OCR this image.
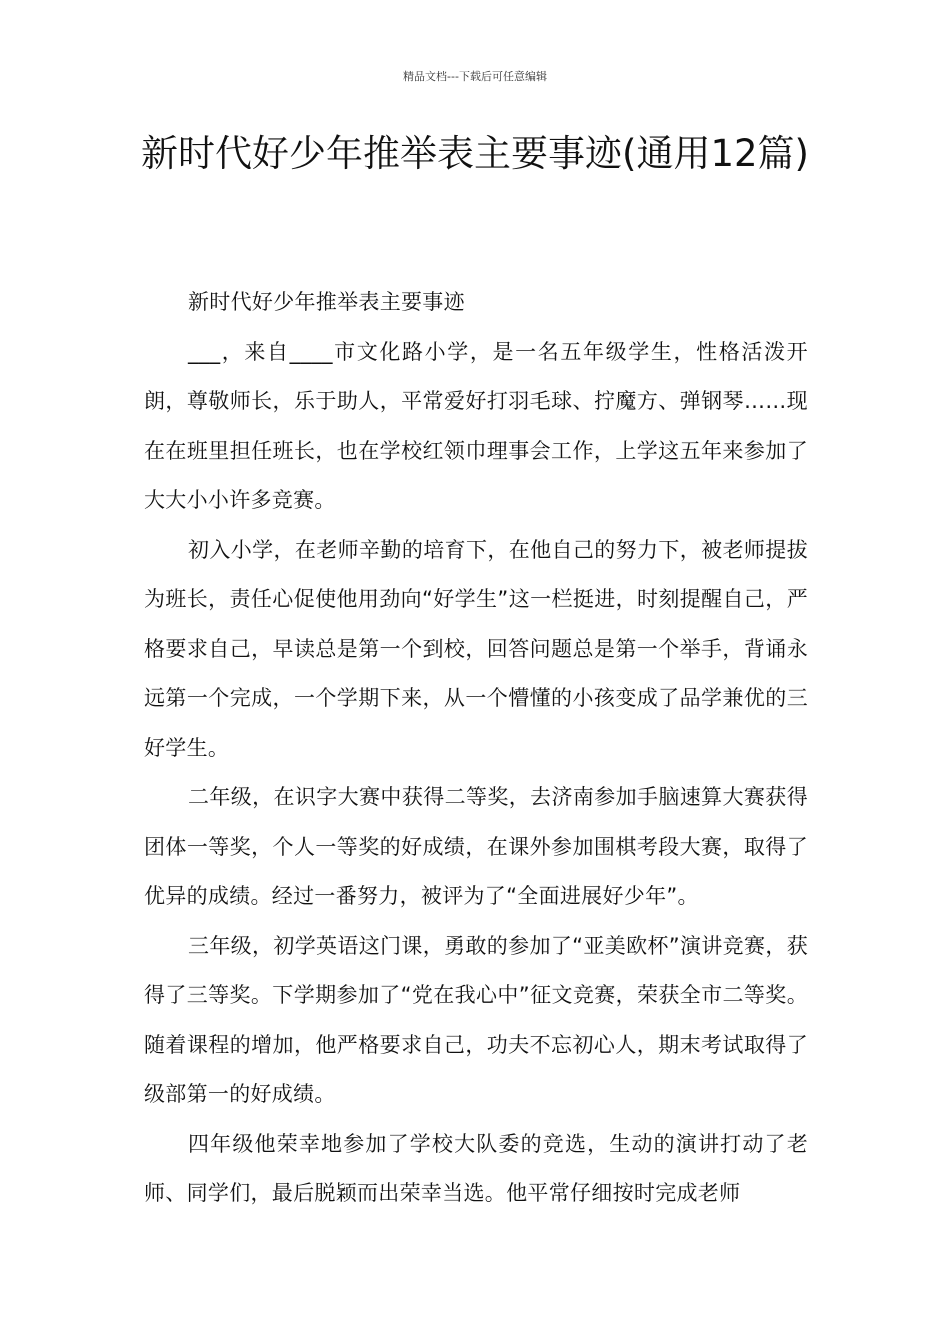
精品文档---下载后可任意编辑
新时代好少年推举表主要事迹(通用12篇)

新时代好少年推举表主要事迹

___，来自____市文化路小学，是一名五年级学生，性格活泼开朗，尊敬师长，乐于助人，平常爱好打羽毛球、拧魔方、弹钢琴……现在在班里担任班长，也在学校红领巾理事会工作，上学这五年来参加了大大小小许多竞赛。

初入小学，在老师辛勤的培育下，在他自己的努力下，被老师提拔为班长，责任心促使他用劲向“好学生”这一栏挺进，时刻提醒自己，严格要求自己，早读总是第一个到校，回答问题总是第一个举手，背诵永远第一个完成，一个学期下来，从一个懵懂的小孩变成了品学兼优的三好学生。

二年级，在识字大赛中获得二等奖，去济南参加手脑速算大赛获得团体一等奖，个人一等奖的好成绩，在课外参加围棋考段大赛，取得了优异的成绩。经过一番努力，被评为了“全面进展好少年”。

三年级，初学英语这门课，勇敢的参加了“亚美欧杯”演讲竞赛，获得了三等奖。下学期参加了“党在我心中”征文竞赛，荣获全市二等奖。随着课程的增加，他严格要求自己，功夫不忘初心人，期末考试取得了级部第一的好成绩。

四年级他荣幸地参加了学校大队委的竞选，生动的演讲打动了老师、同学们，最后脱颖而出荣幸当选。他平常仔细按时完成老师
